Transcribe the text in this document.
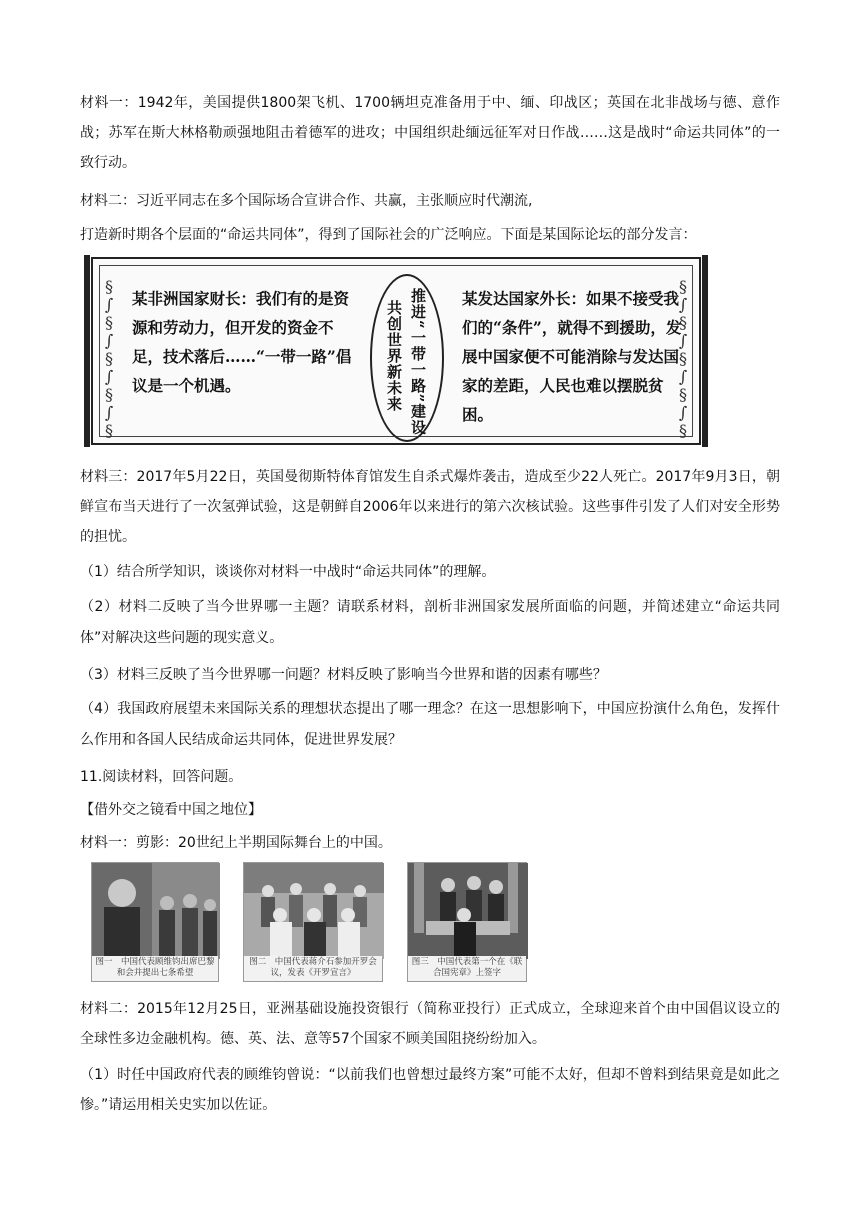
材料一：1942年，美国提供1800架飞机、1700辆坦克准备用于中、缅、印战区；英国在北非战场与德、意作战；苏军在斯大林格勒顽强地阻击着德军的进攻；中国组织赴缅远征军对日作战……这是战时“命运共同体”的一致行动。

材料二：习近平同志在多个国际场合宣讲合作、共赢，主张顺应时代潮流,

打造新时期各个层面的“命运共同体”，得到了国际社会的广泛响应。下面是某国际论坛的部分发言：

§
∫
§
∫
§
∫
§
∫
§
§
∫
§
∫
§
∫
§
∫
§

某非洲国家财长：我们有的是资源和劳动力，但开发的资金不足，技术落后……“一带一路”倡议是一个机遇。	推进“一带一路”建设

共创世界新未来

某发达国家外长：如果不接受我们的“条件”，就得不到援助，发展中国家便不可能消除与发达国家的差距，人民也难以摆脱贫困。

材料三：2017年5月22日，英国曼彻斯特体育馆发生自杀式爆炸袭击，造成至少22人死亡。2017年9月3日，朝鲜宣布当天进行了一次氢弹试验，这是朝鲜自2006年以来进行的第六次核试验。这些事件引发了人们对安全形势的担忧。

（1）结合所学知识，谈谈你对材料一中战时“命运共同体”的理解。

（2）材料二反映了当今世界哪一主题？请联系材料，剖析非洲国家发展所面临的问题，并简述建立“命运共同体”对解决这些问题的现实意义。

（3）材料三反映了当今世界哪一问题？材料反映了影响当今世界和谐的因素有哪些？

（4）我国政府展望未来国际关系的理想状态提出了哪一理念？在这一思想影响下，中国应扮演什么角色，发挥什么作用和各国人民结成命运共同体，促进世界发展？

11.阅读材料，回答问题。

【借外交之镜看中国之地位】

材料一：剪影：20世纪上半期国际舞台上的中国。

图一　中国代表顾维钧出席巴黎和会并提出七条希望
图二　中国代表蒋介石参加开罗会议，发表《开罗宣言》
图三　中国代表第一个在《联合国宪章》上签字

材料二：2015年12月25日，亚洲基础设施投资银行（简称亚投行）正式成立，全球迎来首个由中国倡议设立的全球性多边金融机构。德、英、法、意等57个国家不顾美国阻挠纷纷加入。

（1）时任中国政府代表的顾维钧曾说：“以前我们也曾想过最终方案”可能不太好，但却不曾料到结果竟是如此之惨。”请运用相关史实加以佐证。
